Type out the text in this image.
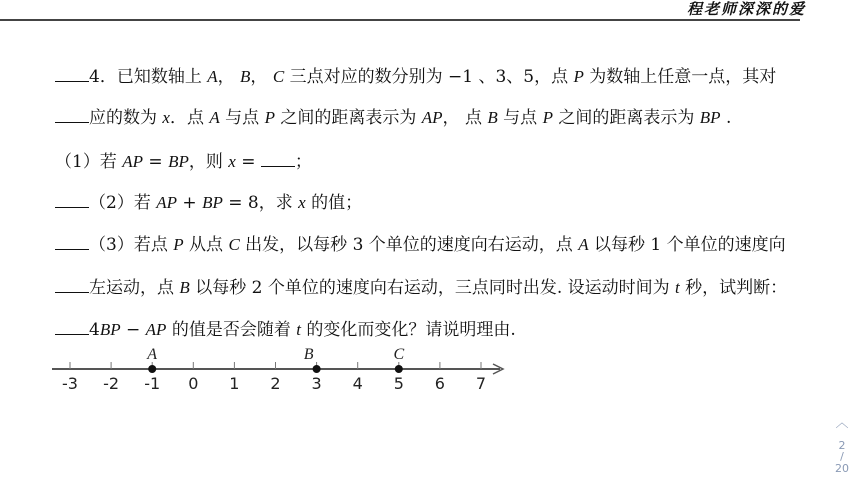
程老师深深的爱
4．已知数轴上 A， B， C 三点对应的数分别为 −1 、3、5，点 P 为数轴上任意一点，其对
应的数为 x．点 A 与点 P 之间的距离表示为 AP， 点 B 与点 P 之间的距离表示为 BP .
（1）若 AP = BP，则 x = ；
（2）若 AP + BP = 8，求 x 的值；
（3）若点 P 从点 C 出发，以每秒 3 个单位的速度向右运动，点 A 以每秒 1 个单位的速度向
左运动，点 B 以每秒 2 个单位的速度向右运动，三点同时出发. 设运动时间为 t 秒，试判断：
4BP − AP 的值是否会随着 t 的变化而变化？请说明理由.
-3 -2 -1 0 1 2 3 4 5 6 7
A	B	C
︿
2
/
20
